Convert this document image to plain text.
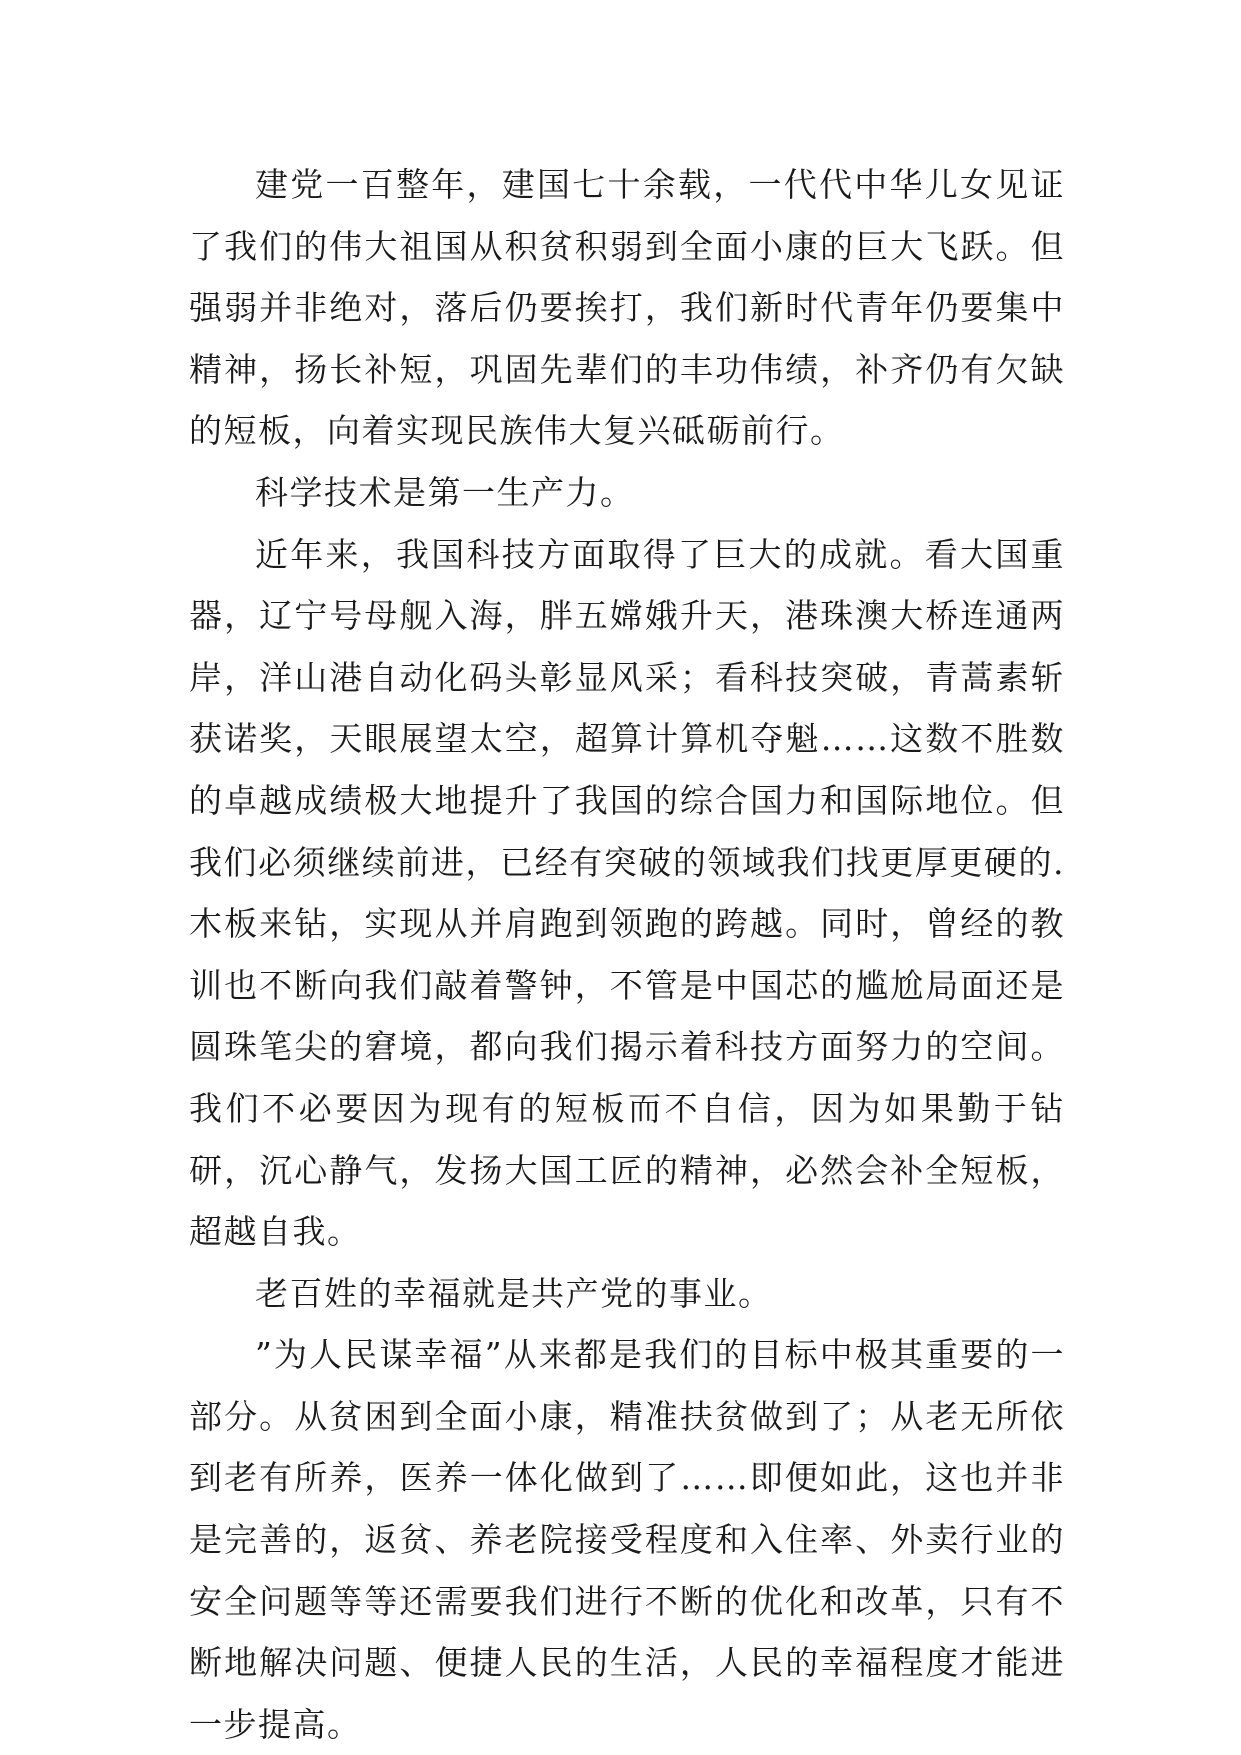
建党一百整年，建国七十余载，一代代中华儿女见证了我们的伟大祖国从积贫积弱到全面小康的巨大飞跃。但强弱并非绝对，落后仍要挨打，我们新时代青年仍要集中精神，扬长补短，巩固先辈们的丰功伟绩，补齐仍有欠缺的短板，向着实现民族伟大复兴砥砺前行。

科学技术是第一生产力。

近年来，我国科技方面取得了巨大的成就。看大国重器，辽宁号母舰入海，胖五嫦娥升天，港珠澳大桥连通两岸，洋山港自动化码头彰显风采；看科技突破，青蒿素斩获诺奖，天眼展望太空，超算计算机夺魁……这数不胜数的卓越成绩极大地提升了我国的综合国力和国际地位。但我们必须继续前进，已经有突破的领域我们找更厚更硬的.木板来钻，实现从并肩跑到领跑的跨越。同时，曾经的教训也不断向我们敲着警钟，不管是中国芯的尴尬局面还是圆珠笔尖的窘境，都向我们揭示着科技方面努力的空间。我们不必要因为现有的短板而不自信，因为如果勤于钻研，沉心静气，发扬大国工匠的精神，必然会补全短板，超越自我。

老百姓的幸福就是共产党的事业。

”为人民谋幸福”从来都是我们的目标中极其重要的一部分。从贫困到全面小康，精准扶贫做到了；从老无所依到老有所养，医养一体化做到了……即便如此，这也并非是完善的，返贫、养老院接受程度和入住率、外卖行业的安全问题等等还需要我们进行不断的优化和改革，只有不断地解决问题、便捷人民的生活，人民的幸福程度才能进一步提高。
